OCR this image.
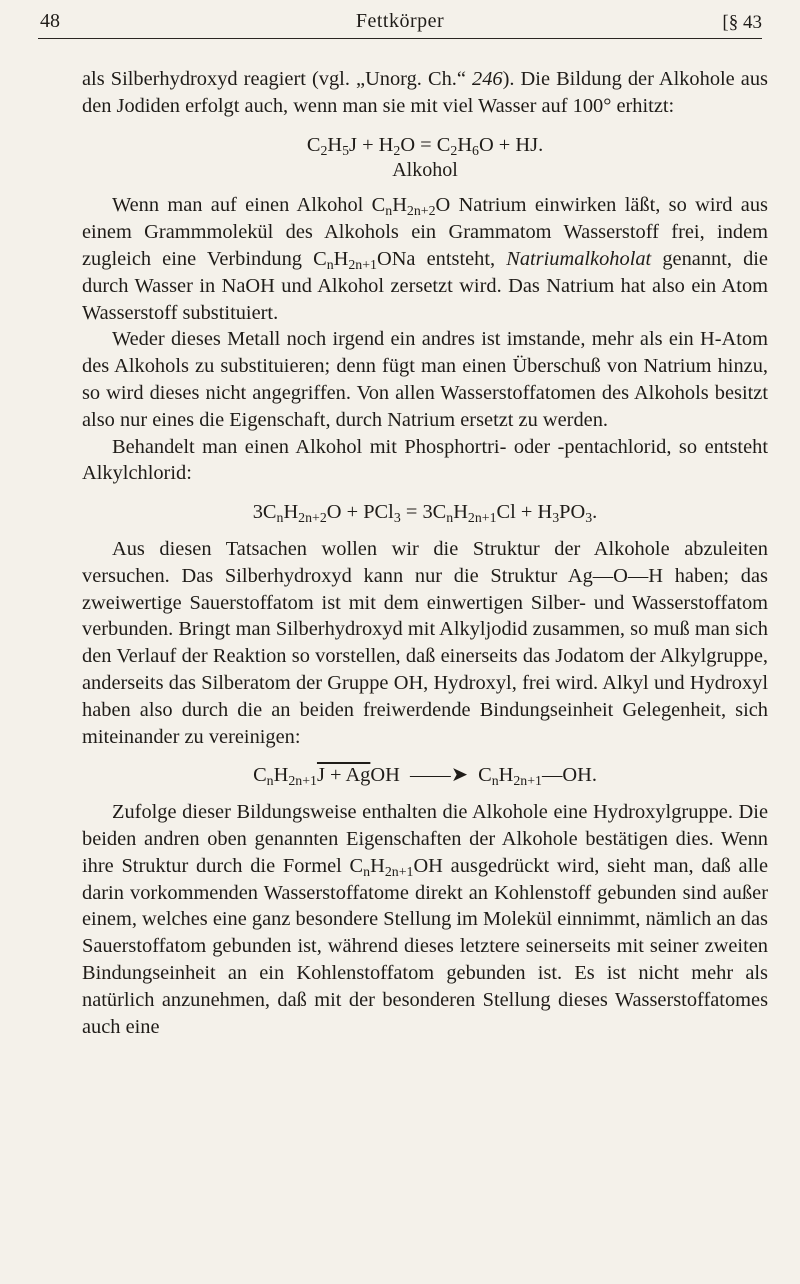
48	Fettkörper	[§ 43

als Silberhydroxyd reagiert (vgl. „Unorg. Ch.“ 246). Die Bildung der Alkohole aus den Jodiden erfolgt auch, wenn man sie mit viel Wasser auf 100° erhitzt:

$C_2H_5J + H_2O = C_2H_6O$ + HJ.
Alkohol

Wenn man auf einen Alkohol $C_nH_{2n+2}O$ Natrium einwirken läßt, so wird aus einem Grammmolekül des Alkohols ein Grammatom Wasserstoff frei, indem zugleich eine Verbindung $C_nH_{2n+1}ONa$ entsteht, Natriumalkoholat genannt, die durch Wasser in NaOH und Alkohol zersetzt wird. Das Natrium hat also ein Atom Wasserstoff substituiert.

Weder dieses Metall noch irgend ein andres ist imstande, mehr als ein H-Atom des Alkohols zu substituieren; denn fügt man einen Überschuß von Natrium hinzu, so wird dieses nicht angegriffen. Von allen Wasserstoffatomen des Alkohols besitzt also nur eines die Eigenschaft, durch Natrium ersetzt zu werden.

Behandelt man einen Alkohol mit Phosphortri- oder -pentachlorid, so entsteht Alkylchlorid:

$3C_nH_{2n+2}O + PCl_3 = 3C_nH_{2n+1}Cl + H_3PO_3$.

Aus diesen Tatsachen wollen wir die Struktur der Alkohole abzuleiten versuchen. Das Silberhydroxyd kann nur die Struktur Ag—O—H haben; das zweiwertige Sauerstoffatom ist mit dem einwertigen Silber- und Wasserstoffatom verbunden. Bringt man Silberhydroxyd mit Alkyljodid zusammen, so muß man sich den Verlauf der Reaktion so vorstellen, daß einerseits das Jodatom der Alkylgruppe, anderseits das Silberatom der Gruppe OH, Hydroxyl, frei wird. Alkyl und Hydroxyl haben also durch die an beiden freiwerdende Bindungseinheit Gelegenheit, sich miteinander zu vereinigen:

$C_nH_{2n+1}J$ + AgOH  ——➤  $C_nH_{2n+1}—OH$.

Zufolge dieser Bildungsweise enthalten die Alkohole eine Hydroxylgruppe. Die beiden andren oben genannten Eigenschaften der Alkohole bestätigen dies. Wenn ihre Struktur durch die Formel $C_nH_{2n+1}OH$ ausgedrückt wird, sieht man, daß alle darin vorkommenden Wasserstoffatome direkt an Kohlenstoff gebunden sind außer einem, welches eine ganz besondere Stellung im Molekül einnimmt, nämlich an das Sauerstoffatom gebunden ist, während dieses letztere seinerseits mit seiner zweiten Bindungseinheit an ein Kohlenstoffatom gebunden ist. Es ist nicht mehr als natürlich anzunehmen, daß mit der besonderen Stellung dieses Wasserstoffatomes auch eine
